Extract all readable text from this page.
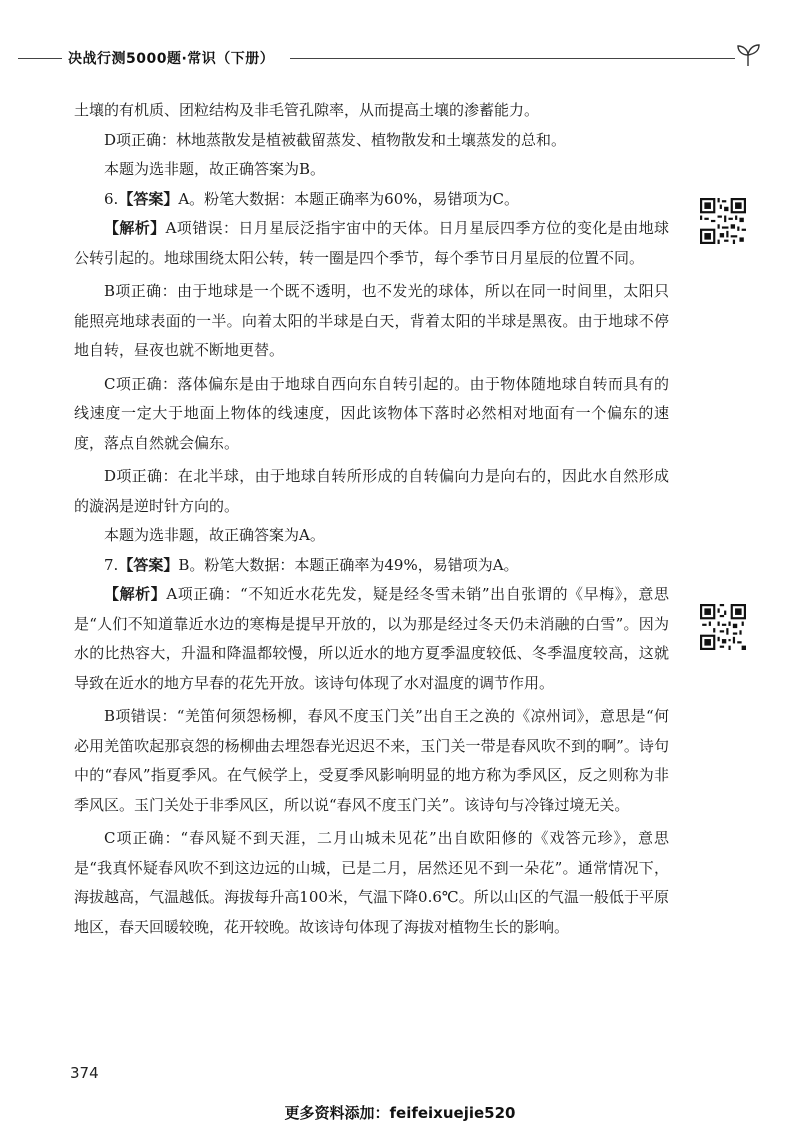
决战行测5000题·常识（下册）

土壤的有机质、团粒结构及非毛管孔隙率，从而提高土壤的渗蓄能力。

D项正确：林地蒸散发是植被截留蒸发、植物散发和土壤蒸发的总和。

本题为选非题，故正确答案为B。

6.【答案】A。粉笔大数据：本题正确率为60%，易错项为C。

【解析】A项错误：日月星辰泛指宇宙中的天体。日月星辰四季方位的变化是由地球公转引起的。地球围绕太阳公转，转一圈是四个季节，每个季节日月星辰的位置不同。

B项正确：由于地球是一个既不透明，也不发光的球体，所以在同一时间里，太阳只能照亮地球表面的一半。向着太阳的半球是白天，背着太阳的半球是黑夜。由于地球不停地自转，昼夜也就不断地更替。

C项正确：落体偏东是由于地球自西向东自转引起的。由于物体随地球自转而具有的线速度一定大于地面上物体的线速度，因此该物体下落时必然相对地面有一个偏东的速度，落点自然就会偏东。

D项正确：在北半球，由于地球自转所形成的自转偏向力是向右的，因此水自然形成的漩涡是逆时针方向的。

本题为选非题，故正确答案为A。

7.【答案】B。粉笔大数据：本题正确率为49%，易错项为A。

【解析】A项正确：“不知近水花先发，疑是经冬雪未销”出自张谓的《早梅》，意思是“人们不知道靠近水边的寒梅是提早开放的，以为那是经过冬天仍未消融的白雪”。因为水的比热容大，升温和降温都较慢，所以近水的地方夏季温度较低、冬季温度较高，这就导致在近水的地方早春的花先开放。该诗句体现了水对温度的调节作用。

B项错误：“羌笛何须怨杨柳，春风不度玉门关”出自王之涣的《凉州词》，意思是“何必用羌笛吹起那哀怨的杨柳曲去埋怨春光迟迟不来，玉门关一带是春风吹不到的啊”。诗句中的“春风”指夏季风。在气候学上，受夏季风影响明显的地方称为季风区，反之则称为非季风区。玉门关处于非季风区，所以说“春风不度玉门关”。该诗句与冷锋过境无关。

C项正确：“春风疑不到天涯，二月山城未见花”出自欧阳修的《戏答元珍》，意思是“我真怀疑春风吹不到这边远的山城，已是二月，居然还见不到一朵花”。通常情况下，海拔越高，气温越低。海拔每升高100米，气温下降0.6℃。所以山区的气温一般低于平原地区，春天回暖较晚，花开较晚。故该诗句体现了海拔对植物生长的影响。

374
更多资料添加：feifeixuejie520
